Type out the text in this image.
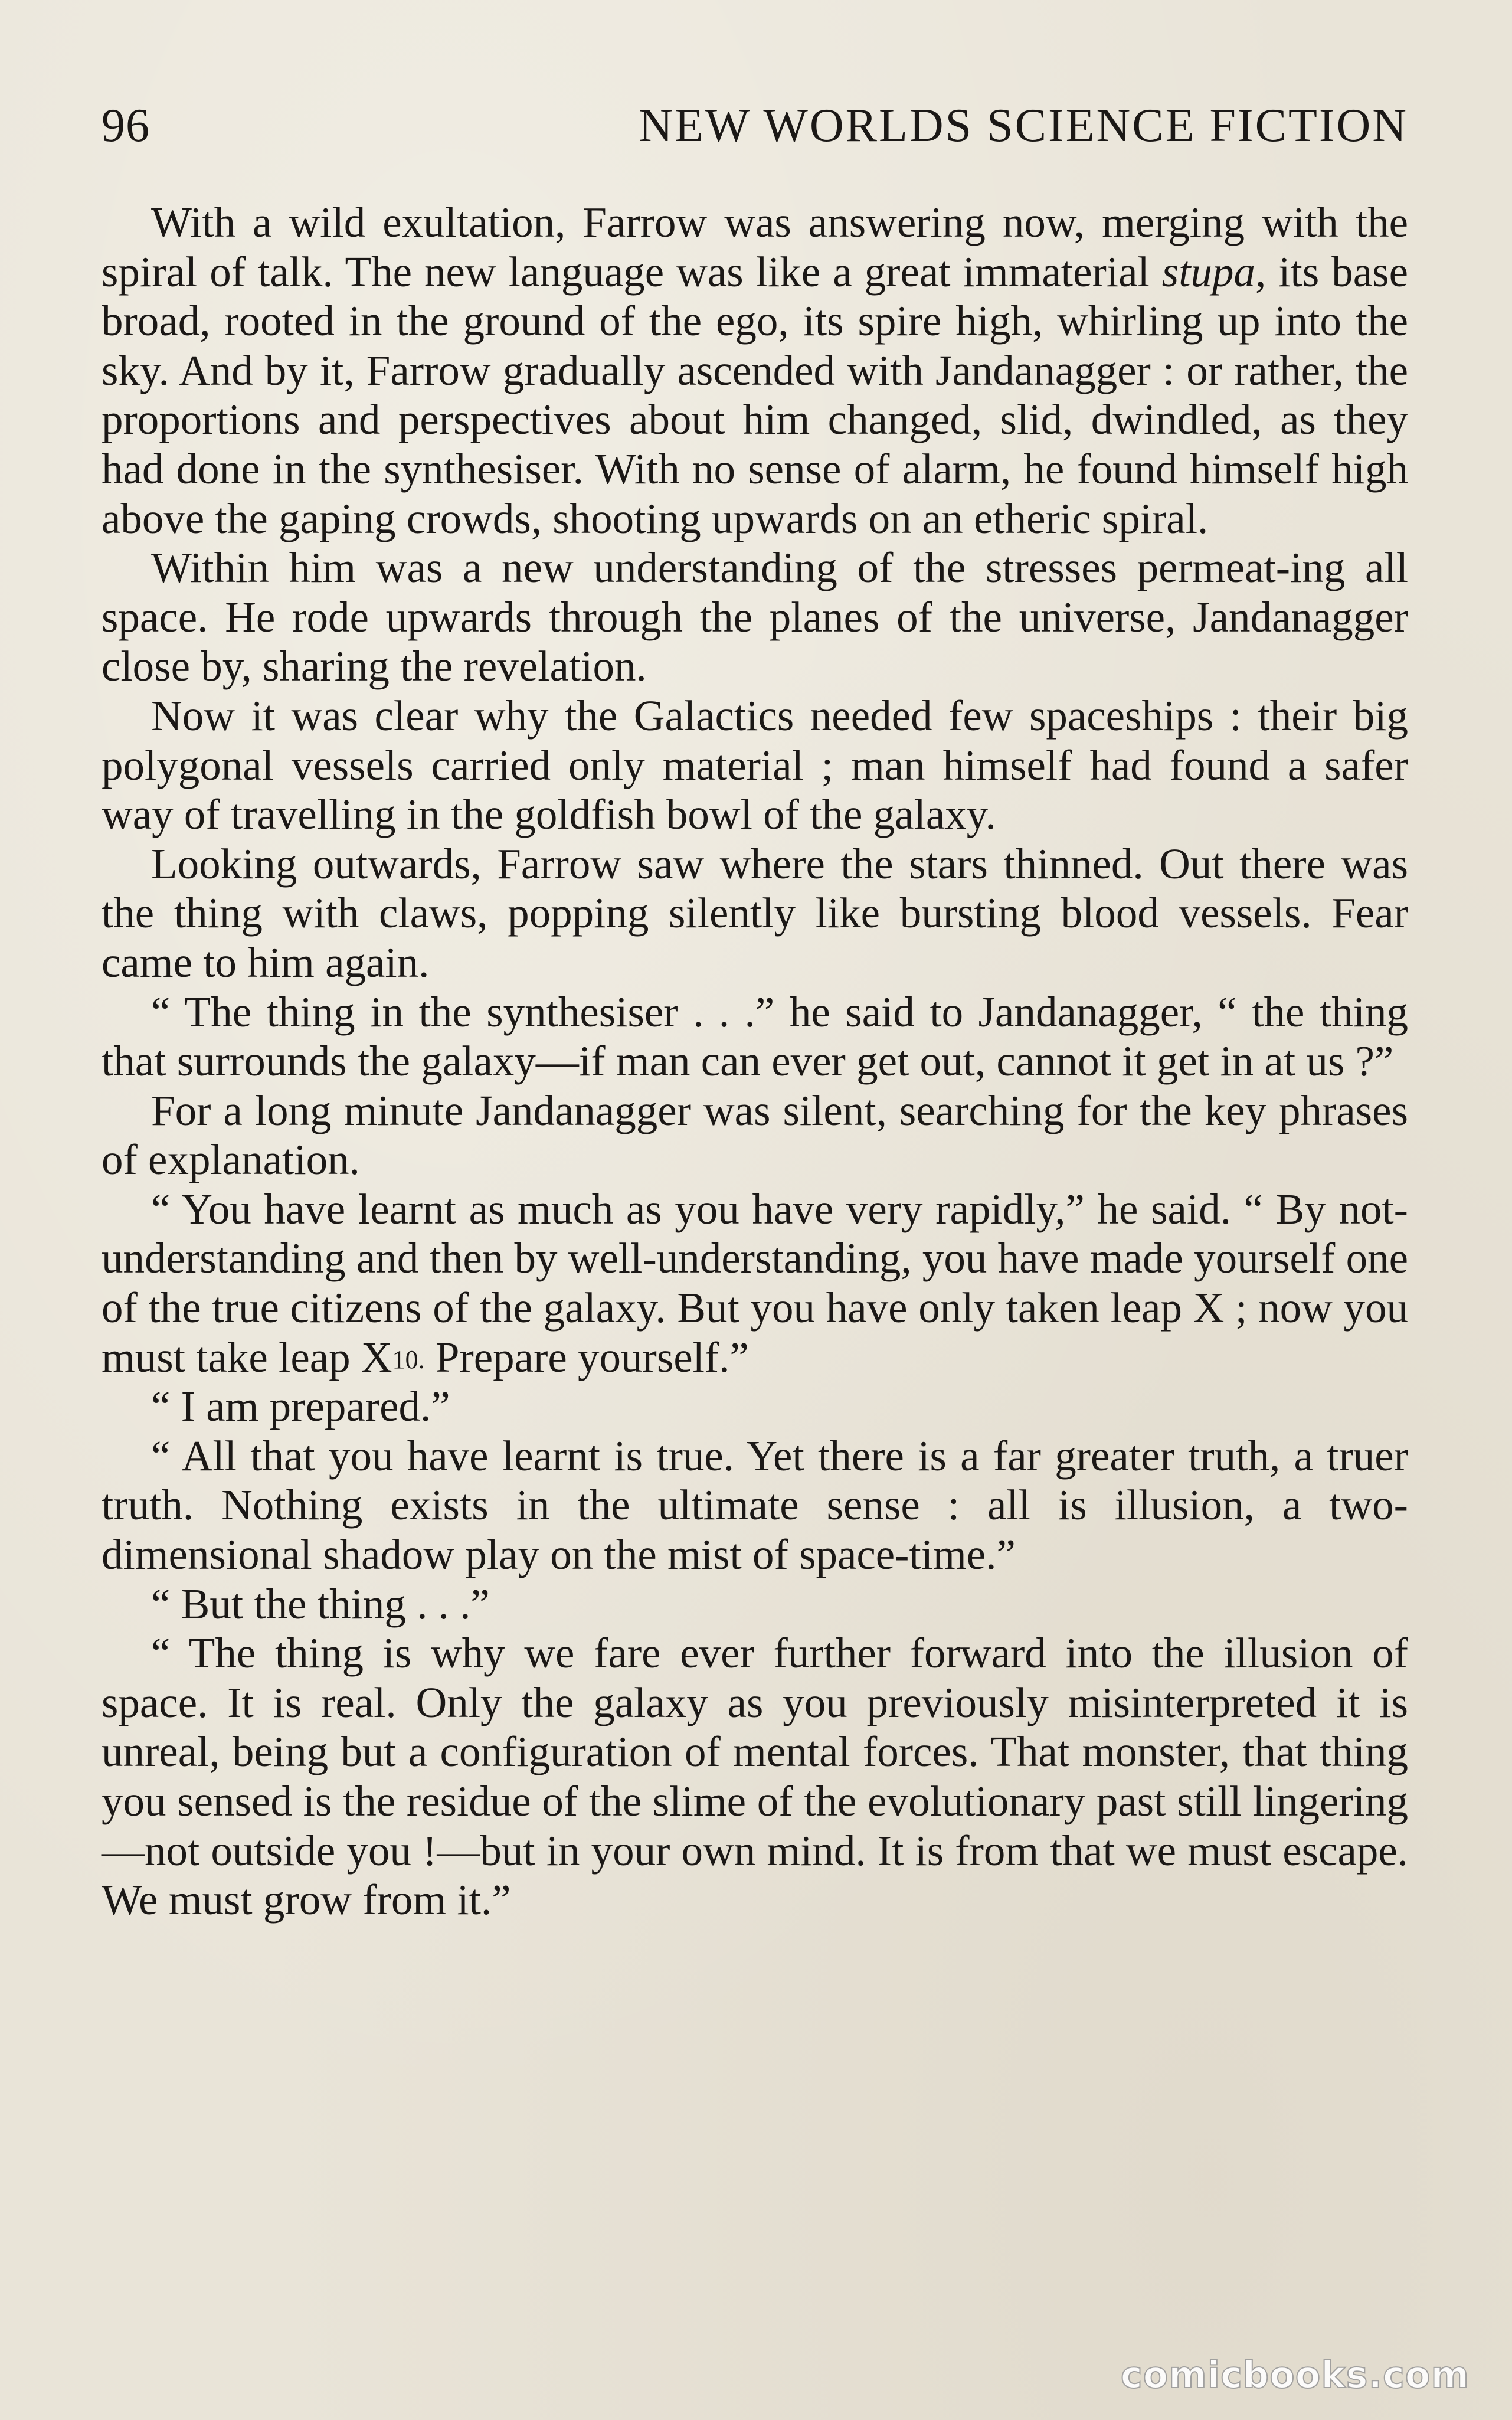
96	NEW WORLDS SCIENCE FICTION

With a wild exultation, Farrow was answering now, merging with the spiral of talk. The new language was like a great immaterial stupa, its base broad, rooted in the ground of the ego, its spire high, whirling up into the sky. And by it, Farrow gradually ascended with Jandanagger : or rather, the proportions and perspectives about him changed, slid, dwindled, as they had done in the synthesiser. With no sense of alarm, he found himself high above the gaping crowds, shooting upwards on an etheric spiral.

Within him was a new understanding of the stresses permeat-ing all space. He rode upwards through the planes of the universe, Jandanagger close by, sharing the revelation.

Now it was clear why the Galactics needed few spaceships : their big polygonal vessels carried only material ; man himself had found a safer way of travelling in the goldfish bowl of the galaxy.

Looking outwards, Farrow saw where the stars thinned. Out there was the thing with claws, popping silently like bursting blood vessels. Fear came to him again.

“ The thing in the synthesiser . . .” he said to Jandanagger, “ the thing that surrounds the galaxy—if man can ever get out, cannot it get in at us ?”

For a long minute Jandanagger was silent, searching for the key phrases of explanation.

“ You have learnt as much as you have very rapidly,” he said. “ By not-understanding and then by well-understanding, you have made yourself one of the true citizens of the galaxy. But you have only taken leap X ; now you must take leap $X^{10.}$ Prepare yourself.”

“ I am prepared.”

“ All that you have learnt is true. Yet there is a far greater truth, a truer truth. Nothing exists in the ultimate sense : all is illusion, a two-dimensional shadow play on the mist of space-time.”

“ But the thing . . .”

“ The thing is why we fare ever further forward into the illusion of space. It is real. Only the galaxy as you previously misinterpreted it is unreal, being but a configuration of mental forces. That monster, that thing you sensed is the residue of the slime of the evolutionary past still lingering—not outside you !—but in your own mind. It is from that we must escape. We must grow from it.”

comicbooks.com
